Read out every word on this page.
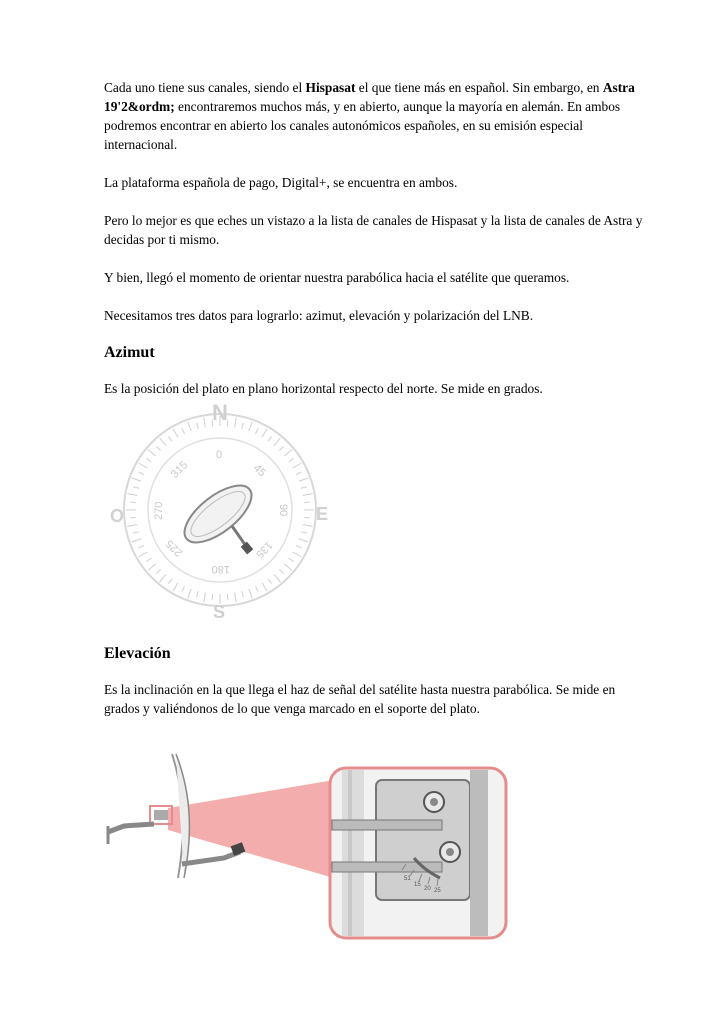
Cada uno tiene sus canales, siendo el Hispasat el que tiene más en español. Sin embargo, en Astra 19'2&ordm; encontraremos muchos más, y en abierto, aunque la mayoría en alemán. En ambos podremos encontrar en abierto los canales autonómicos españoles, en su emisión especial internacional.

La plataforma española de pago, Digital+, se encuentra en ambos.

Pero lo mejor es que eches un vistazo a la lista de canales de Hispasat y la lista de canales de Astra y decidas por ti mismo.

Y bien, llegó el momento de orientar nuestra parabólica hacia el satélite que queramos.

Necesitamos tres datos para lograrlo: azimut, elevación y polarización del LNB.

Azimut

Es la posición del plato en plano horizontal respecto del norte. Se mide en grados.

N
S
E
O
0
90
180
270
45
135
225
315
Elevación

Es la inclinación en la que llega el haz de señal del satélite hasta nuestra parabólica. Se mide en grados y valiéndonos de lo que venga marcado en el soporte del plato.

51
15
20 25
